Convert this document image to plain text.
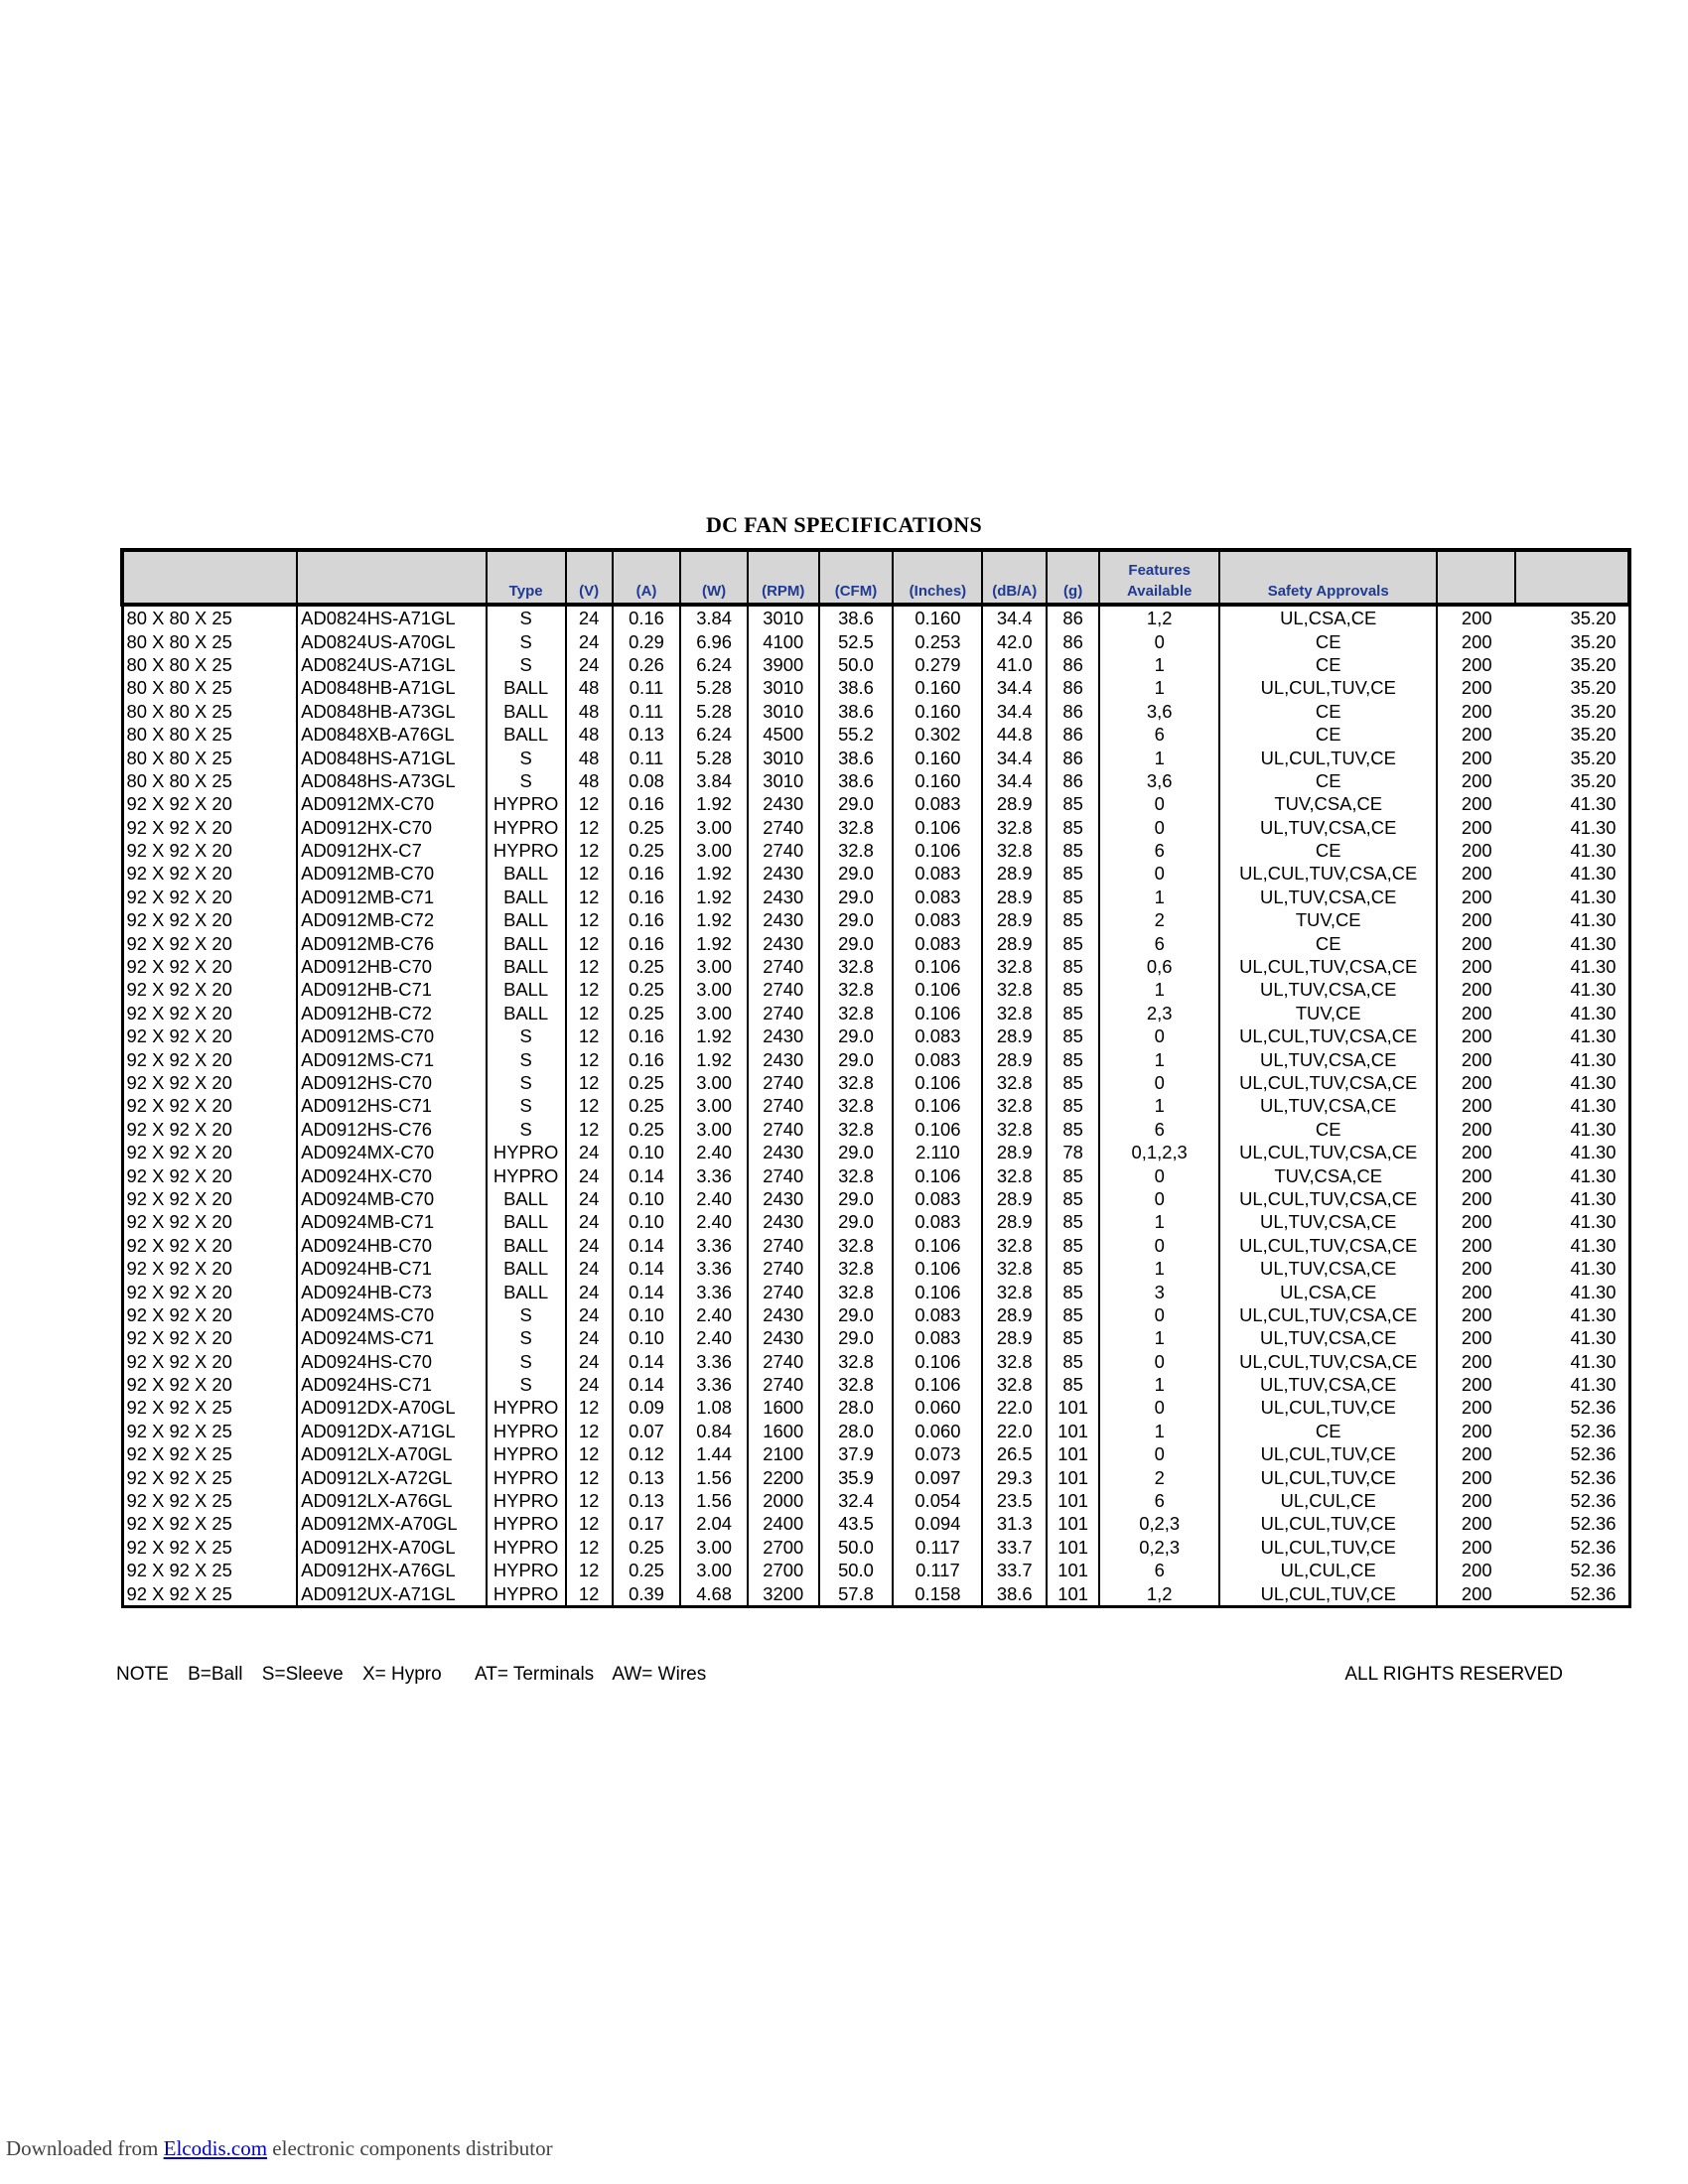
DC FAN SPECIFICATIONS
		Type	(V)	(A)	(W)	(RPM)	(CFM)	(Inches)	(dB/A)	(g)	Features Available	Safety Approvals		
80 X 80 X 25	AD0824HS-A71GL	S	24	0.16	3.84	3010	38.6	0.160	34.4	86	1,2	UL,CSA,CE	200	35.20
80 X 80 X 25	AD0824US-A70GL	S	24	0.29	6.96	4100	52.5	0.253	42.0	86	0	CE	200	35.20
80 X 80 X 25	AD0824US-A71GL	S	24	0.26	6.24	3900	50.0	0.279	41.0	86	1	CE	200	35.20
80 X 80 X 25	AD0848HB-A71GL	BALL	48	0.11	5.28	3010	38.6	0.160	34.4	86	1	UL,CUL,TUV,CE	200	35.20
80 X 80 X 25	AD0848HB-A73GL	BALL	48	0.11	5.28	3010	38.6	0.160	34.4	86	3,6	CE	200	35.20
80 X 80 X 25	AD0848XB-A76GL	BALL	48	0.13	6.24	4500	55.2	0.302	44.8	86	6	CE	200	35.20
80 X 80 X 25	AD0848HS-A71GL	S	48	0.11	5.28	3010	38.6	0.160	34.4	86	1	UL,CUL,TUV,CE	200	35.20
80 X 80 X 25	AD0848HS-A73GL	S	48	0.08	3.84	3010	38.6	0.160	34.4	86	3,6	CE	200	35.20
92 X 92 X 20	AD0912MX-C70	HYPRO	12	0.16	1.92	2430	29.0	0.083	28.9	85	0	TUV,CSA,CE	200	41.30
92 X 92 X 20	AD0912HX-C70	HYPRO	12	0.25	3.00	2740	32.8	0.106	32.8	85	0	UL,TUV,CSA,CE	200	41.30
92 X 92 X 20	AD0912HX-C7	HYPRO	12	0.25	3.00	2740	32.8	0.106	32.8	85	6	CE	200	41.30
92 X 92 X 20	AD0912MB-C70	BALL	12	0.16	1.92	2430	29.0	0.083	28.9	85	0	UL,CUL,TUV,CSA,CE	200	41.30
92 X 92 X 20	AD0912MB-C71	BALL	12	0.16	1.92	2430	29.0	0.083	28.9	85	1	UL,TUV,CSA,CE	200	41.30
92 X 92 X 20	AD0912MB-C72	BALL	12	0.16	1.92	2430	29.0	0.083	28.9	85	2	TUV,CE	200	41.30
92 X 92 X 20	AD0912MB-C76	BALL	12	0.16	1.92	2430	29.0	0.083	28.9	85	6	CE	200	41.30
92 X 92 X 20	AD0912HB-C70	BALL	12	0.25	3.00	2740	32.8	0.106	32.8	85	0,6	UL,CUL,TUV,CSA,CE	200	41.30
92 X 92 X 20	AD0912HB-C71	BALL	12	0.25	3.00	2740	32.8	0.106	32.8	85	1	UL,TUV,CSA,CE	200	41.30
92 X 92 X 20	AD0912HB-C72	BALL	12	0.25	3.00	2740	32.8	0.106	32.8	85	2,3	TUV,CE	200	41.30
92 X 92 X 20	AD0912MS-C70	S	12	0.16	1.92	2430	29.0	0.083	28.9	85	0	UL,CUL,TUV,CSA,CE	200	41.30
92 X 92 X 20	AD0912MS-C71	S	12	0.16	1.92	2430	29.0	0.083	28.9	85	1	UL,TUV,CSA,CE	200	41.30
92 X 92 X 20	AD0912HS-C70	S	12	0.25	3.00	2740	32.8	0.106	32.8	85	0	UL,CUL,TUV,CSA,CE	200	41.30
92 X 92 X 20	AD0912HS-C71	S	12	0.25	3.00	2740	32.8	0.106	32.8	85	1	UL,TUV,CSA,CE	200	41.30
92 X 92 X 20	AD0912HS-C76	S	12	0.25	3.00	2740	32.8	0.106	32.8	85	6	CE	200	41.30
92 X 92 X 20	AD0924MX-C70	HYPRO	24	0.10	2.40	2430	29.0	2.110	28.9	78	0,1,2,3	UL,CUL,TUV,CSA,CE	200	41.30
92 X 92 X 20	AD0924HX-C70	HYPRO	24	0.14	3.36	2740	32.8	0.106	32.8	85	0	TUV,CSA,CE	200	41.30
92 X 92 X 20	AD0924MB-C70	BALL	24	0.10	2.40	2430	29.0	0.083	28.9	85	0	UL,CUL,TUV,CSA,CE	200	41.30
92 X 92 X 20	AD0924MB-C71	BALL	24	0.10	2.40	2430	29.0	0.083	28.9	85	1	UL,TUV,CSA,CE	200	41.30
92 X 92 X 20	AD0924HB-C70	BALL	24	0.14	3.36	2740	32.8	0.106	32.8	85	0	UL,CUL,TUV,CSA,CE	200	41.30
92 X 92 X 20	AD0924HB-C71	BALL	24	0.14	3.36	2740	32.8	0.106	32.8	85	1	UL,TUV,CSA,CE	200	41.30
92 X 92 X 20	AD0924HB-C73	BALL	24	0.14	3.36	2740	32.8	0.106	32.8	85	3	UL,CSA,CE	200	41.30
92 X 92 X 20	AD0924MS-C70	S	24	0.10	2.40	2430	29.0	0.083	28.9	85	0	UL,CUL,TUV,CSA,CE	200	41.30
92 X 92 X 20	AD0924MS-C71	S	24	0.10	2.40	2430	29.0	0.083	28.9	85	1	UL,TUV,CSA,CE	200	41.30
92 X 92 X 20	AD0924HS-C70	S	24	0.14	3.36	2740	32.8	0.106	32.8	85	0	UL,CUL,TUV,CSA,CE	200	41.30
92 X 92 X 20	AD0924HS-C71	S	24	0.14	3.36	2740	32.8	0.106	32.8	85	1	UL,TUV,CSA,CE	200	41.30
92 X 92 X 25	AD0912DX-A70GL	HYPRO	12	0.09	1.08	1600	28.0	0.060	22.0	101	0	UL,CUL,TUV,CE	200	52.36
92 X 92 X 25	AD0912DX-A71GL	HYPRO	12	0.07	0.84	1600	28.0	0.060	22.0	101	1	CE	200	52.36
92 X 92 X 25	AD0912LX-A70GL	HYPRO	12	0.12	1.44	2100	37.9	0.073	26.5	101	0	UL,CUL,TUV,CE	200	52.36
92 X 92 X 25	AD0912LX-A72GL	HYPRO	12	0.13	1.56	2200	35.9	0.097	29.3	101	2	UL,CUL,TUV,CE	200	52.36
92 X 92 X 25	AD0912LX-A76GL	HYPRO	12	0.13	1.56	2000	32.4	0.054	23.5	101	6	UL,CUL,CE	200	52.36
92 X 92 X 25	AD0912MX-A70GL	HYPRO	12	0.17	2.04	2400	43.5	0.094	31.3	101	0,2,3	UL,CUL,TUV,CE	200	52.36
92 X 92 X 25	AD0912HX-A70GL	HYPRO	12	0.25	3.00	2700	50.0	0.117	33.7	101	0,2,3	UL,CUL,TUV,CE	200	52.36
92 X 92 X 25	AD0912HX-A76GL	HYPRO	12	0.25	3.00	2700	50.0	0.117	33.7	101	6	UL,CUL,CE	200	52.36
92 X 92 X 25	AD0912UX-A71GL	HYPRO	12	0.39	4.68	3200	57.8	0.158	38.6	101	1,2	UL,CUL,TUV,CE	200	52.36
NOTE B=Ball S=Sleeve X= Hypro AT= Terminals AW= Wires	ALL RIGHTS RESERVED
Downloaded from Elcodis.com electronic components distributor
